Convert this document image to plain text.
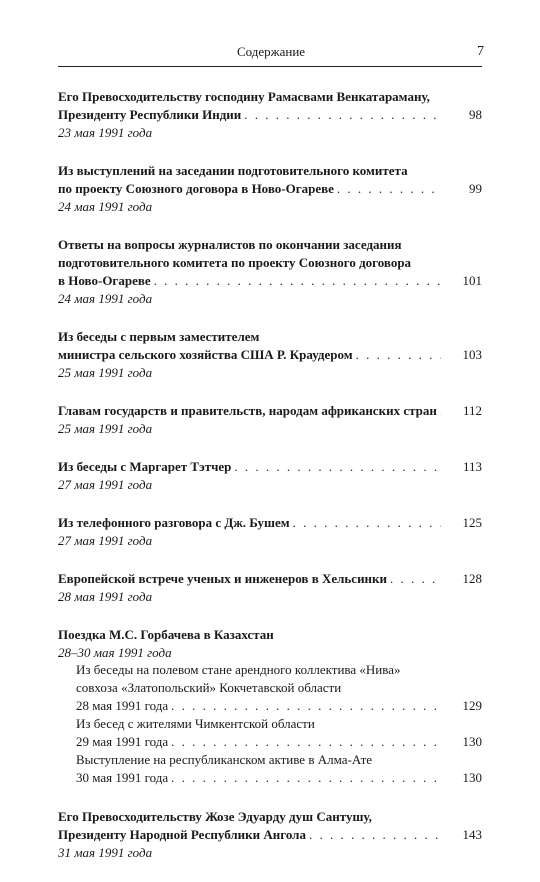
Содержание	7
Его Превосходительству господину Рамасвами Венкатараману,
Президенту Республики Индии . . .	98
23 мая 1991 года
Из выступлений на заседании подготовительного комитета
по проекту Союзного договора в Ново-Огареве . . .	99
24 мая 1991 года
Ответы на вопросы журналистов по окончании заседания
подготовительного комитета по проекту Союзного договора
в Ново-Огареве . . .	101
24 мая 1991 года
Из беседы с первым заместителем
министра сельского хозяйства США Р. Краудером . . .	103
25 мая 1991 года
Главам государств и правительств, народам африканских стран . . .	112
25 мая 1991 года
Из беседы с Маргарет Тэтчер . . .	113
27 мая 1991 года
Из телефонного разговора с Дж. Бушем . . .	125
27 мая 1991 года
Европейской встрече ученых и инженеров в Хельсинки . . .	128
28 мая 1991 года
Поездка М.С. Горбачева в Казахстан
28–30 мая 1991 года
Из беседы на полевом стане арендного коллектива «Нива»
совхоза «Златопольский» Кокчетавской области
28 мая 1991 года . . .	129
Из бесед с жителями Чимкентской области
29 мая 1991 года . . .	130
Выступление на республиканском активе в Алма-Ате
30 мая 1991 года . . .	130
Его Превосходительству Жозе Эдуарду душ Сантушу,
Президенту Народной Республики Ангола . . .	143
31 мая 1991 года
